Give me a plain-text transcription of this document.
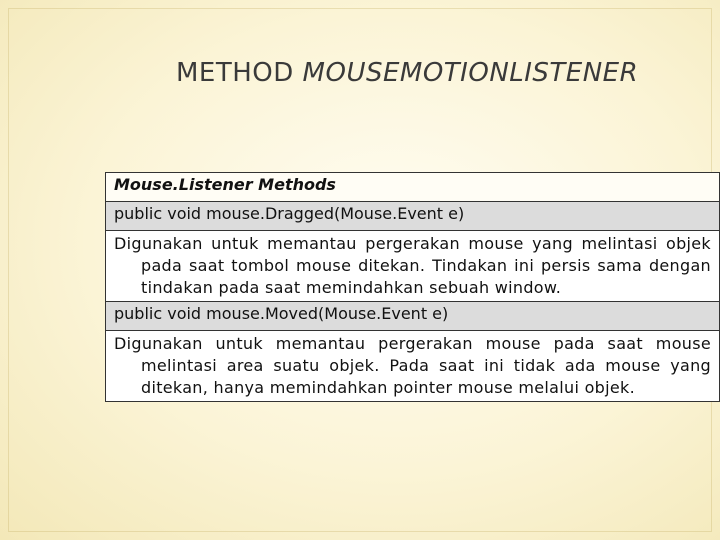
METHOD MOUSEMOTIONLISTENER
Mouse.Listener Methods
public void mouse.Dragged(Mouse.Event e)
Digunakan untuk memantau pergerakan mouse yang melintasi objek pada saat tombol mouse ditekan. Tindakan ini persis sama dengan tindakan pada saat memindahkan sebuah window.
public void mouse.Moved(Mouse.Event e)
Digunakan untuk memantau pergerakan mouse pada saat mouse melintasi area suatu objek. Pada saat ini tidak ada mouse yang ditekan, hanya memindahkan pointer mouse melalui objek.
